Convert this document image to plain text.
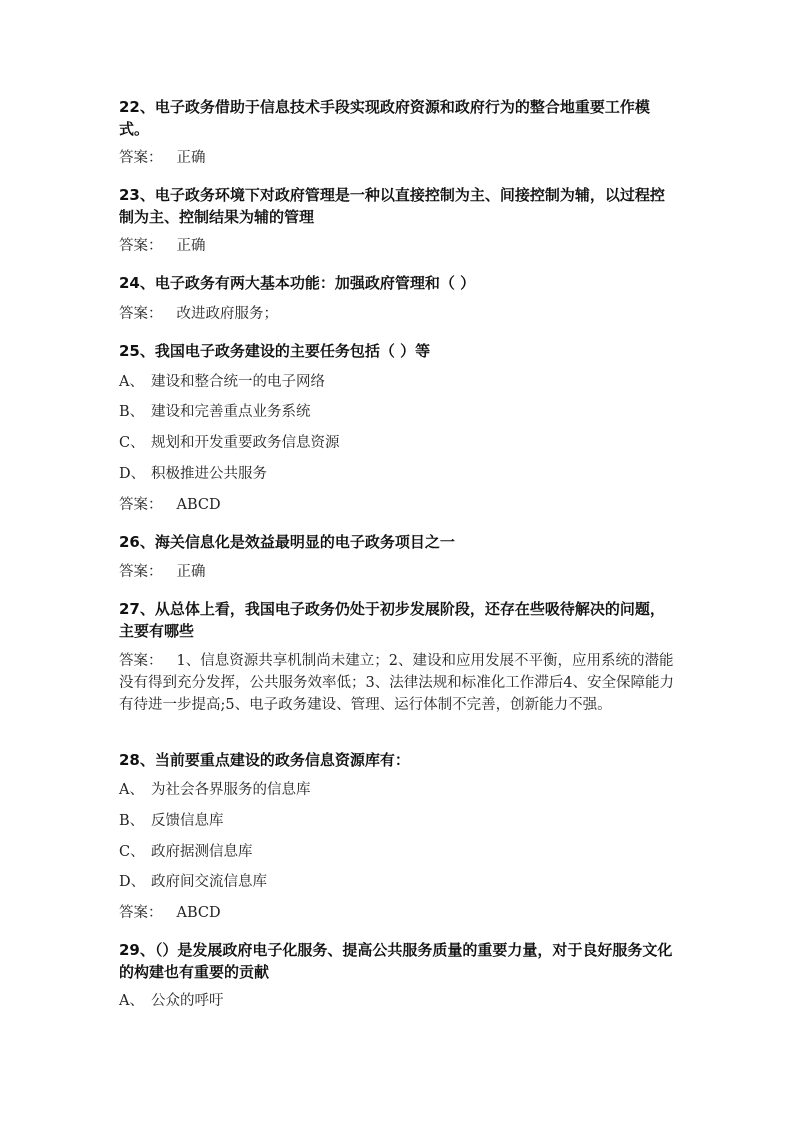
22、电子政务借助于信息技术手段实现政府资源和政府行为的整合地重要工作模式。
答案： 正确
23、电子政务环境下对政府管理是一种以直接控制为主、间接控制为辅，以过程控制为主、控制结果为辅的管理
答案： 正确
24、电子政务有两大基本功能：加强政府管理和（ ）
答案： 改进政府服务；
25、我国电子政务建设的主要任务包括（ ）等
A、 建设和整合统一的电子网络
B、 建设和完善重点业务系统
C、 规划和开发重要政务信息资源
D、 积极推进公共服务
答案： ABCD
26、海关信息化是效益最明显的电子政务项目之一
答案： 正确
27、从总体上看，我国电子政务仍处于初步发展阶段，还存在些吸待解决的问题，主要有哪些
答案： 1、信息资源共享机制尚未建立；2、建设和应用发展不平衡，应用系统的潜能没有得到充分发挥，公共服务效率低；3、法律法规和标准化工作滞后4、安全保障能力有待进一步提高;5、电子政务建设、管理、运行体制不完善，创新能力不强。
28、当前要重点建设的政务信息资源库有：
A、 为社会各界服务的信息库
B、 反馈信息库
C、 政府据测信息库
D、 政府间交流信息库
答案： ABCD
29、（）是发展政府电子化服务、提高公共服务质量的重要力量，对于良好服务文化的构建也有重要的贡献
A、 公众的呼吁
